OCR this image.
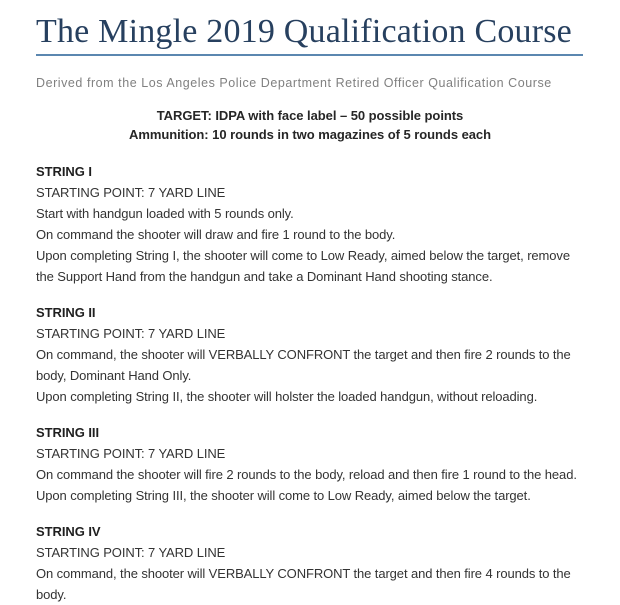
The Mingle 2019 Qualification Course
Derived from the Los Angeles Police Department Retired Officer Qualification Course
TARGET: IDPA with face label – 50 possible points
Ammunition: 10 rounds in two magazines of 5 rounds each
STRING I
STARTING POINT: 7 YARD LINE
Start with handgun loaded with 5 rounds only.
On command the shooter will draw and fire 1 round to the body.
Upon completing String I, the shooter will come to Low Ready, aimed below the target, remove the Support Hand from the handgun and take a Dominant Hand shooting stance.
STRING II
STARTING POINT: 7 YARD LINE
On command, the shooter will VERBALLY CONFRONT the target and then fire 2 rounds to the body, Dominant Hand Only.
Upon completing String II, the shooter will holster the loaded handgun, without reloading.
STRING III
STARTING POINT: 7 YARD LINE
On command the shooter will fire 2 rounds to the body, reload and then fire 1 round to the head.
Upon completing String III, the shooter will come to Low Ready, aimed below the target.
STRING IV
STARTING POINT: 7 YARD LINE
On command, the shooter will VERBALLY CONFRONT the target and then fire 4 rounds to the body.
